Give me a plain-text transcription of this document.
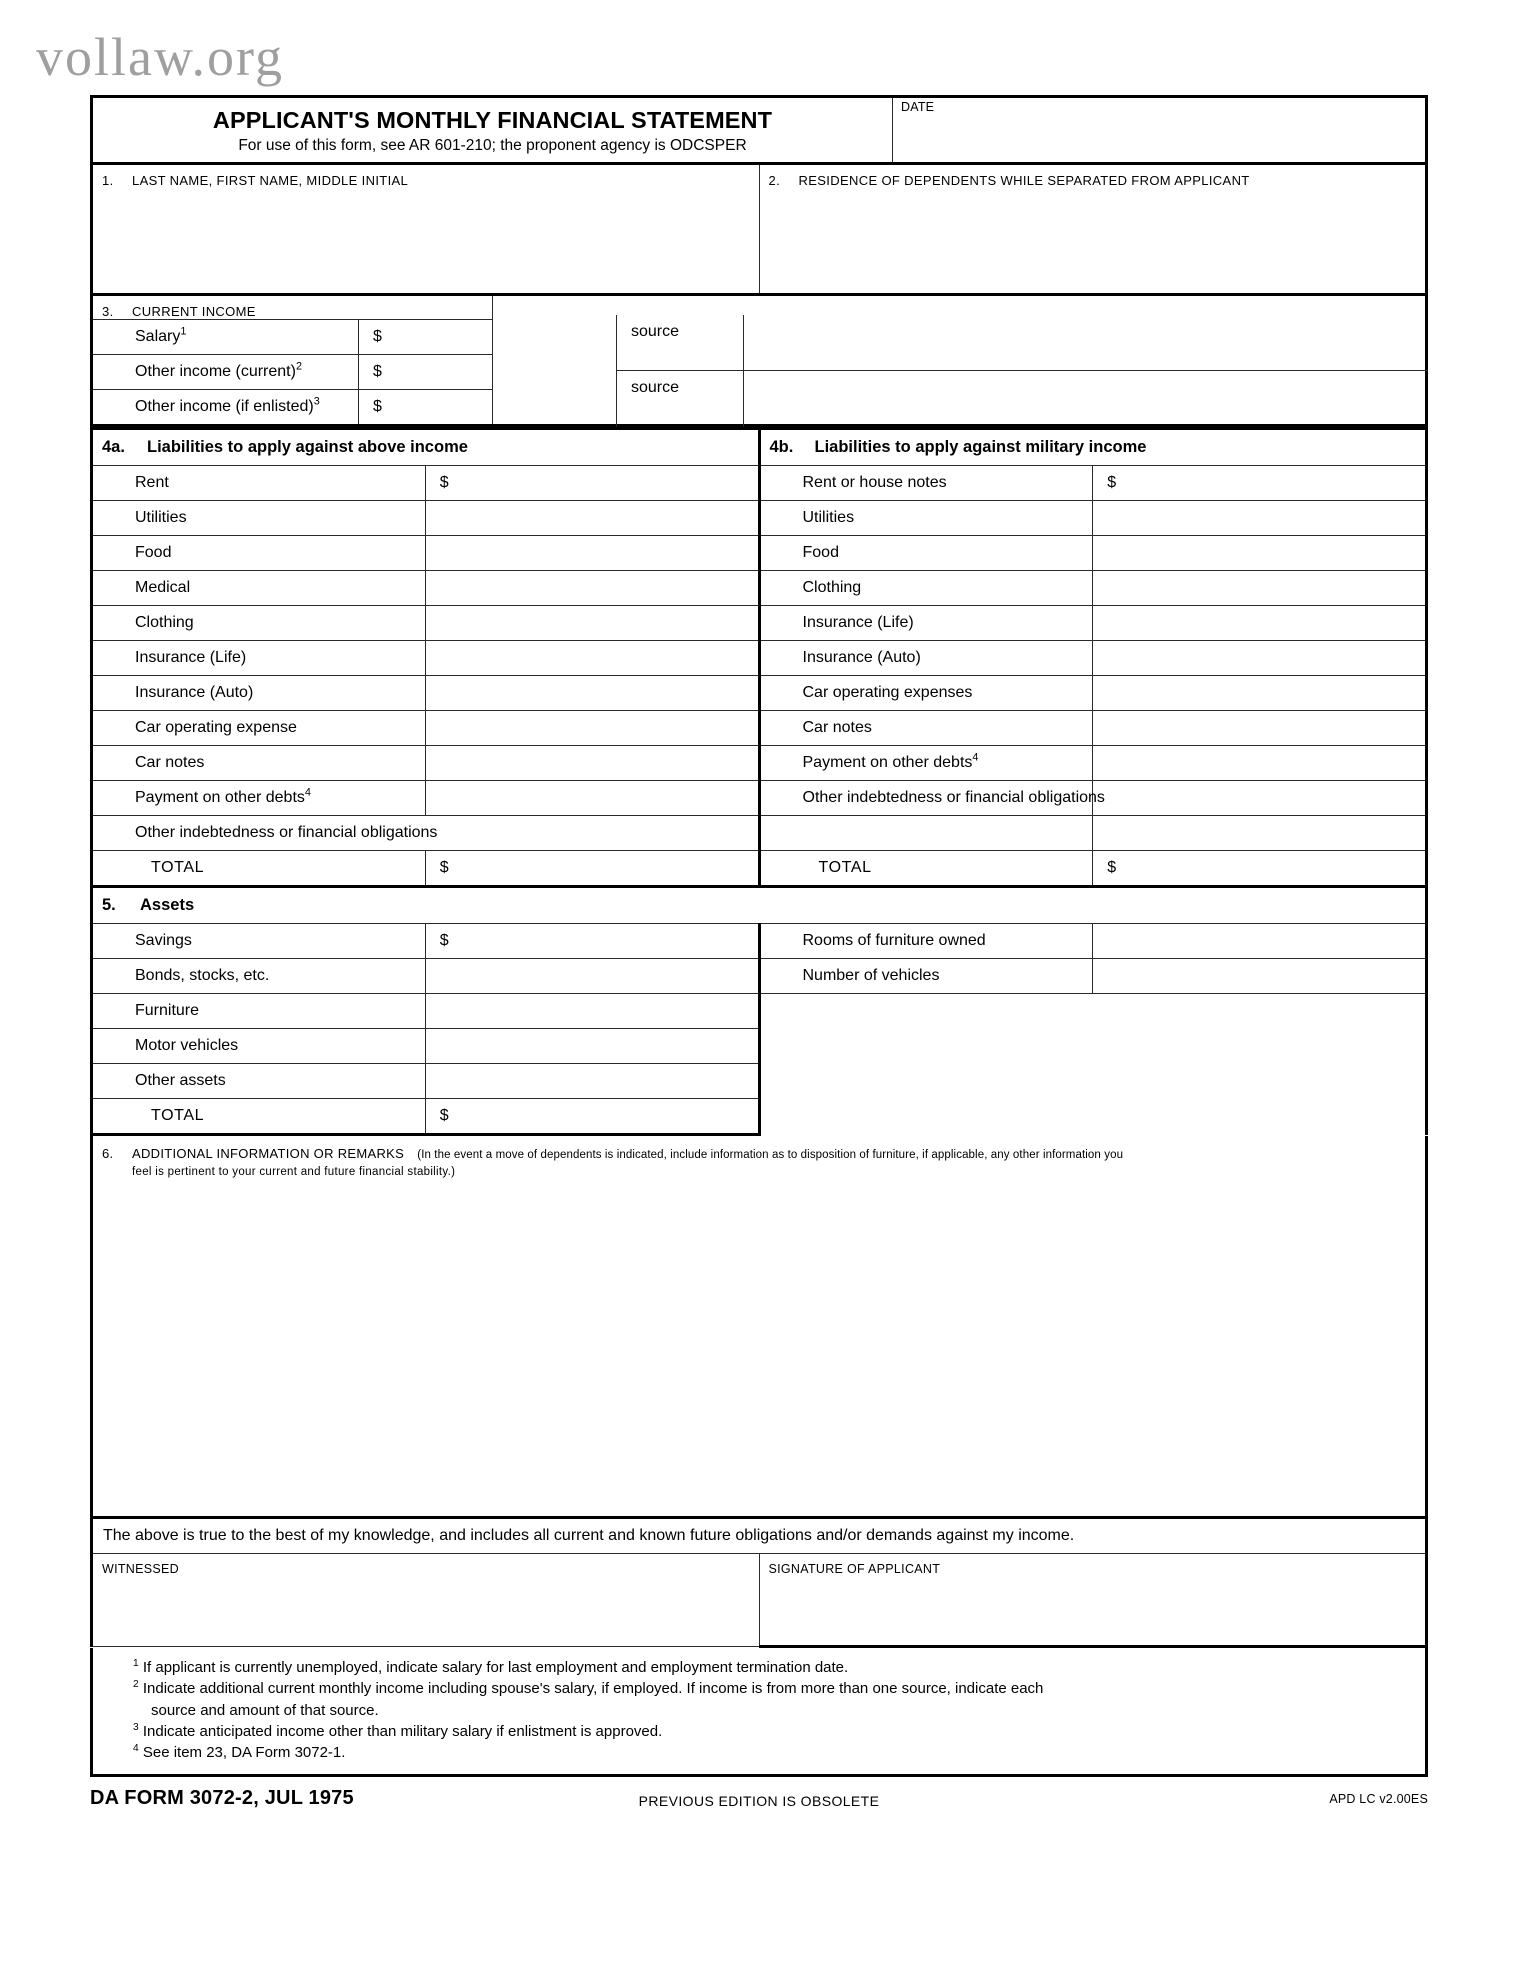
vollaw.org
APPLICANT'S MONTHLY FINANCIAL STATEMENT
For use of this form, see AR 601-210; the proponent agency is ODCSPER				DATE

1. LAST NAME, FIRST NAME, MIDDLE INITIAL			2. RESIDENCE OF DEPENDENTS WHILE SEPARATED FROM APPLICANT	

3. CURRENT INCOME				

Salary$^1$	$			

Other income (current)$^2$	$			

Other income (if enlisted)$^3$	$			
source
source
4a. Liabilities to apply against above income		4b. Liabilities to apply against military income	

Rent	$	Rent or house notes	$

Utilities		Utilities	

Food		Food	

Medical		Clothing	

Clothing		Insurance (Life)	

Insurance (Life)		Insurance (Auto)	

Insurance (Auto)		Car operating expenses	

Car operating expense		Car notes	

Car notes		Payment on other debts$^4$

Payment on other debts$^4$		Other indebtedness or financial obligations	

Other indebtedness or financial obligations			

TOTAL	$	TOTAL	$
5. Assets			

Savings	$	Rooms of furniture owned	

Bonds, stocks, etc.		Number of vehicles	

Furniture			

Motor vehicles			

Other assets			

TOTAL	$		
6. ADDITIONAL INFORMATION OR REMARKS (In the event a move of dependents is indicated, include information as to disposition of furniture, if applicable, any other information you
feel is pertinent to your current and future financial stability.)
The above is true to the best of my knowledge, and includes all current and known future obligations and/or demands against my income.

WITNESSED	SIGNATURE OF APPLICANT
$^1$ If applicant is currently unemployed, indicate salary for last employment and employment termination date.
$^2$ Indicate additional current monthly income including spouse's salary, if employed. If income is from more than one source, indicate each
source and amount of that source.
$^3$ Indicate anticipated income other than military salary if enlistment is approved.
$^4$ See item 23, DA Form 3072-1.
DA FORM 3072-2, JUL 1975	PREVIOUS EDITION IS OBSOLETE	APD LC v2.00ES
